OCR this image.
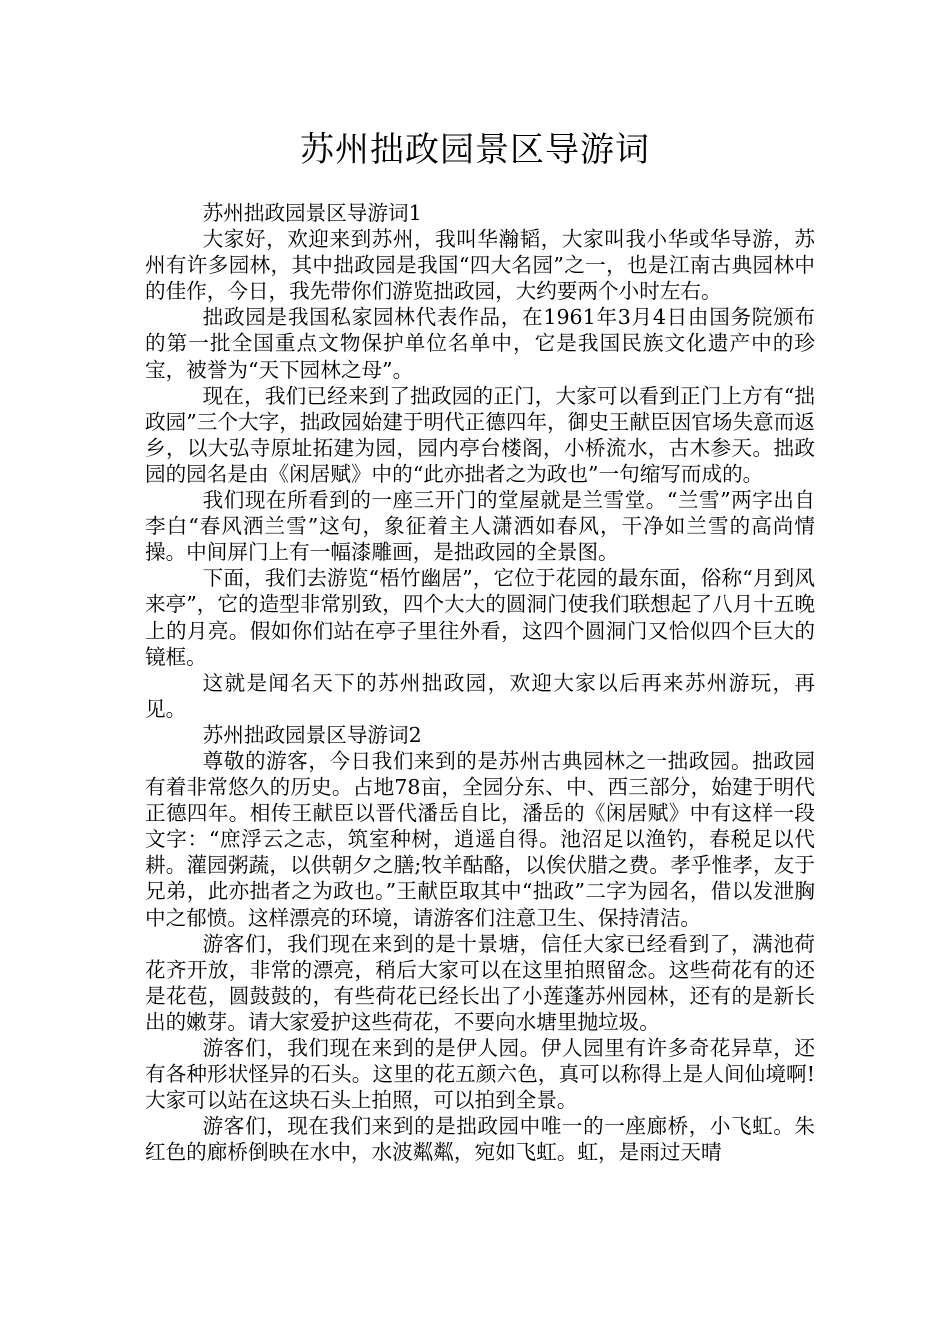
苏州拙政园景区导游词

苏州拙政园景区导游词1

大家好，欢迎来到苏州，我叫华瀚韬，大家叫我小华或华导游，苏州有许多园林，其中拙政园是我国“四大名园”之一，也是江南古典园林中的佳作，今日，我先带你们游览拙政园，大约要两个小时左右。

拙政园是我国私家园林代表作品，在1961年3月4日由国务院颁布的第一批全国重点文物保护单位名单中，它是我国民族文化遗产中的珍宝，被誉为“天下园林之母”。

现在，我们已经来到了拙政园的正门，大家可以看到正门上方有“拙政园”三个大字，拙政园始建于明代正德四年，御史王献臣因官场失意而返乡，以大弘寺原址拓建为园，园内亭台楼阁，小桥流水，古木参天。拙政园的园名是由《闲居赋》中的“此亦拙者之为政也”一句缩写而成的。

我们现在所看到的一座三开门的堂屋就是兰雪堂。“兰雪”两字出自李白“春风洒兰雪”这句，象征着主人潇洒如春风，干净如兰雪的高尚情操。中间屏门上有一幅漆雕画，是拙政园的全景图。

下面，我们去游览“梧竹幽居”，它位于花园的最东面，俗称“月到风来亭”，它的造型非常别致，四个大大的圆洞门使我们联想起了八月十五晚上的月亮。假如你们站在亭子里往外看，这四个圆洞门又恰似四个巨大的镜框。

这就是闻名天下的苏州拙政园，欢迎大家以后再来苏州游玩，再见。

苏州拙政园景区导游词2

尊敬的游客，今日我们来到的是苏州古典园林之一拙政园。拙政园有着非常悠久的历史。占地78亩，全园分东、中、西三部分，始建于明代正德四年。相传王献臣以晋代潘岳自比，潘岳的《闲居赋》中有这样一段文字：“庶浮云之志，筑室种树，逍遥自得。池沼足以渔钓，春税足以代耕。灌园粥蔬，以供朝夕之膳;牧羊酤酪，以俟伏腊之费。孝乎惟孝，友于兄弟，此亦拙者之为政也。”王献臣取其中“拙政”二字为园名，借以发泄胸中之郁愤。这样漂亮的环境，请游客们注意卫生、保持清洁。

游客们，我们现在来到的是十景塘，信任大家已经看到了，满池荷花齐开放，非常的漂亮，稍后大家可以在这里拍照留念。这些荷花有的还是花苞，圆鼓鼓的，有些荷花已经长出了小莲蓬苏州园林，还有的是新长出的嫩芽。请大家爱护这些荷花，不要向水塘里抛垃圾。

游客们，我们现在来到的是伊人园。伊人园里有许多奇花异草，还有各种形状怪异的石头。这里的花五颜六色，真可以称得上是人间仙境啊!大家可以站在这块石头上拍照，可以拍到全景。

游客们，现在我们来到的是拙政园中唯一的一座廊桥，小飞虹。朱红色的廊桥倒映在水中，水波粼粼，宛如飞虹。虹，是雨过天晴
